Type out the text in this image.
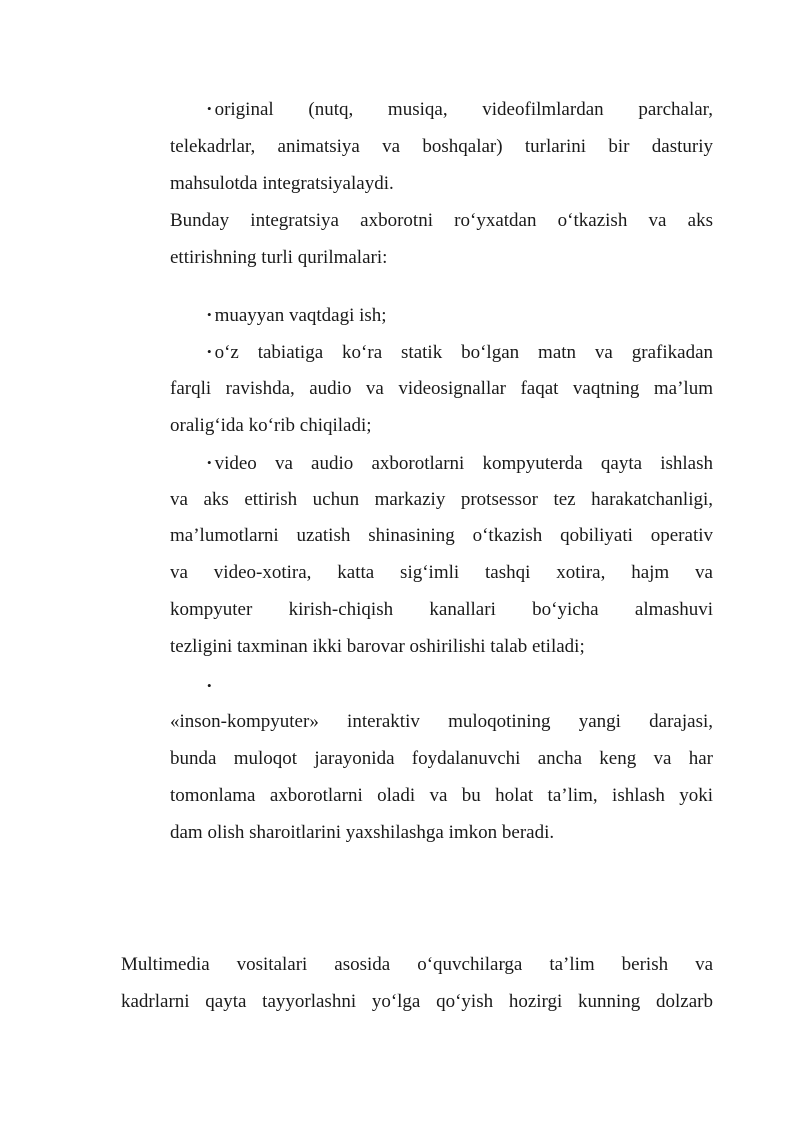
• original (nutq, musiqa, videofilmlardan parchalar,
telekadrlar, animatsiya va boshqalar) turlarini bir dasturiy
mahsulotda integratsiyalaydi.
Bunday integratsiya axborotni ro‘yxatdan o‘tkazish va aks
ettirishning turli qurilmalari:
• muayyan vaqtdagi ish;
• o‘z tabiatiga ko‘ra statik bo‘lgan matn va grafikadan
farqli ravishda, audio va videosignallar faqat vaqtning ma’lum
oralig‘ida ko‘rib chiqiladi;
• video va audio axborotlarni kompyuterda qayta ishlash
va aks ettirish uchun markaziy protsessor tez harakatchanligi,
ma’lumotlarni uzatish shinasining o‘tkazish qobiliyati operativ
va video-xotira, katta sig‘imli tashqi xotira, hajm va
kompyuter kirish-chiqish kanallari bo‘yicha almashuvi
tezligini taxminan ikki barovar oshirilishi talab etiladi;
•
«inson-kompyuter» interaktiv muloqotining yangi darajasi,
bunda muloqot jarayonida foydalanuvchi ancha keng va har
tomonlama axborotlarni oladi va bu holat ta’lim, ishlash yoki
dam olish sharoitlarini yaxshilashga imkon beradi.
Multimedia vositalari asosida o‘quvchilarga ta’lim berish va
kadrlarni qayta tayyorlashni yo‘lga qo‘yish hozirgi kunning dolzarb
